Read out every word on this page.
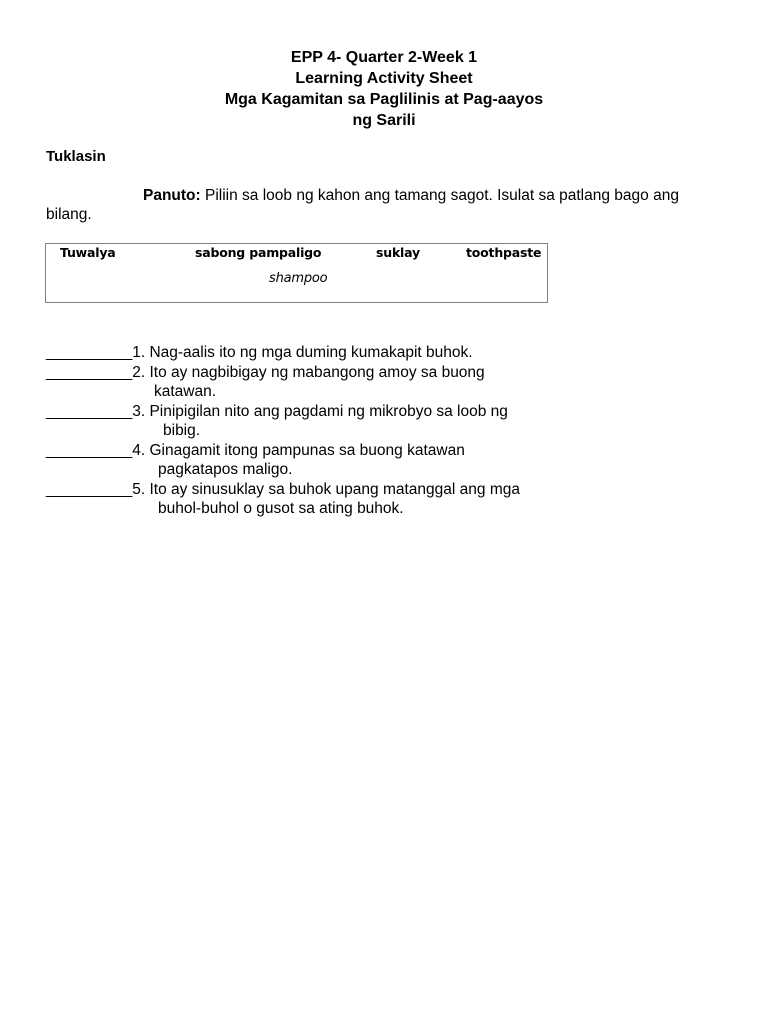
EPP 4- Quarter 2-Week 1
Learning Activity Sheet
Mga Kagamitan sa Paglilinis at Pag-aayos
ng Sarili
Tuklasin
Panuto: Piliin sa loob ng kahon ang tamang sagot. Isulat sa patlang bago ang bilang.
Tuwalya	sabong pampaligo	suklay	toothpaste
shampoo
__________1. Nag-aalis ito ng mga duming kumakapit buhok.
__________2. Ito ay nagbibigay ng mabangong amoy sa buong
katawan.
__________3. Pinipigilan nito ang pagdami ng mikrobyo sa loob ng
bibig.
__________4. Ginagamit itong pampunas sa buong katawan
pagkatapos maligo.
__________5. Ito ay sinusuklay sa buhok upang matanggal ang mga
buhol-buhol o gusot sa ating buhok.
